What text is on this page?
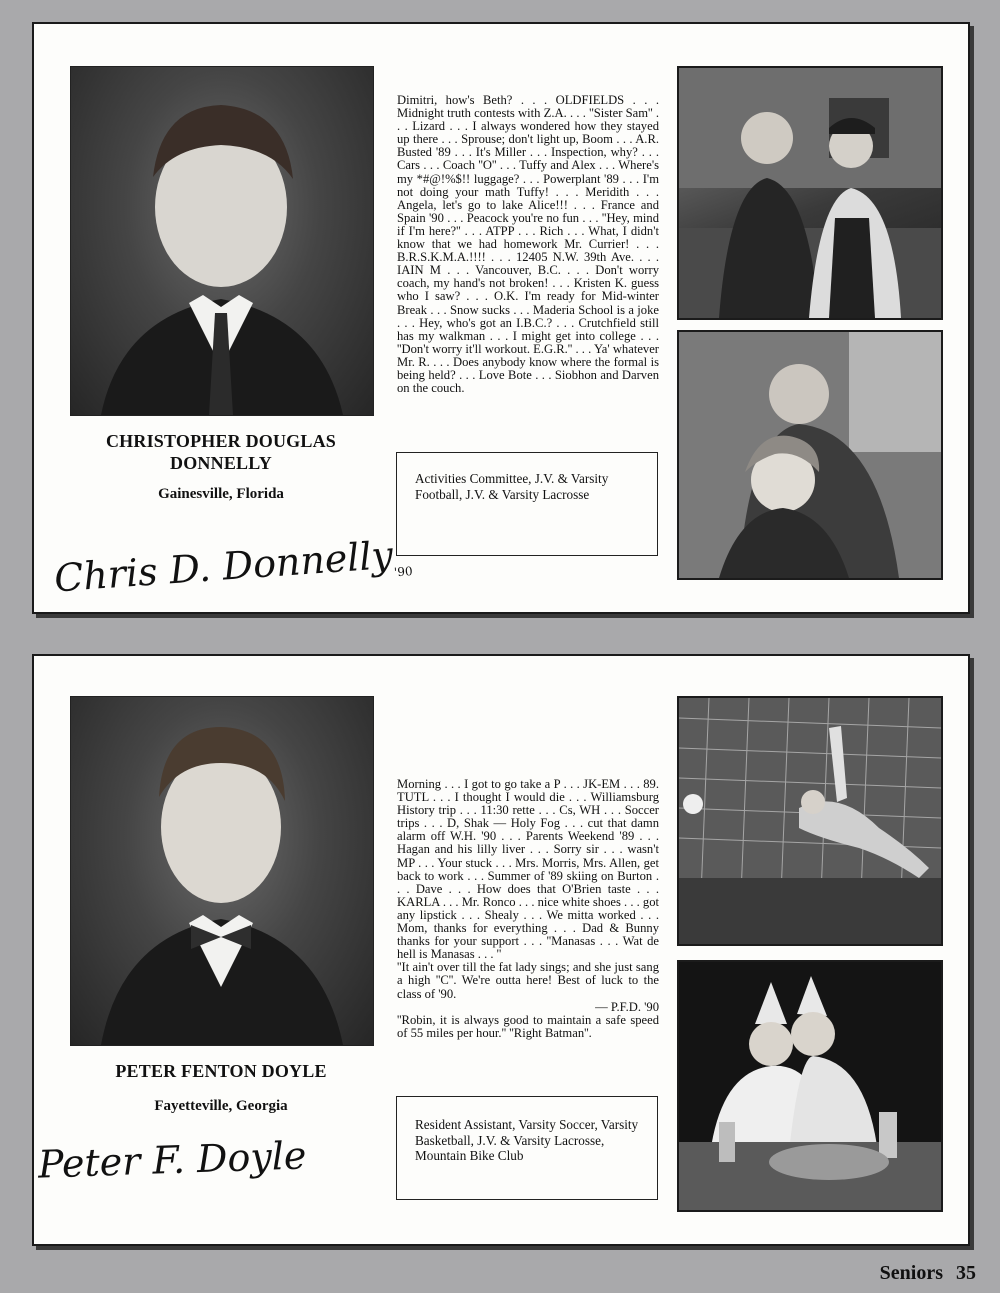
CHRISTOPHER DOUGLAS
DONNELLY
Gainesville, Florida
Chris D. Donnelly$_{'90}$

Dimitri, how's Beth? . . . OLDFIELDS . . . Midnight truth contests with Z.A. . . . ''Sister Sam'' . . . Lizard . . . I always wondered how they stayed up there . . . Sprouse; don't light up, Boom . . . A.R. Busted '89 . . . It's Miller . . . Inspection, why? . . . Cars . . . Coach ''O'' . . . Tuffy and Alex . . . Where's my *#@!%$!! luggage? . . . Powerplant '89 . . . I'm not doing your math Tuffy! . . . Meridith . . . Angela, let's go to lake Alice!!! . . . France and Spain '90 . . . Peacock you're no fun . . . ''Hey, mind if I'm here?'' . . . ATPP . . . Rich . . . What, I didn't know that we had homework Mr. Currier! . . . B.R.S.K.M.A.!!!! . . . 12405 N.W. 39th Ave. . . . IAIN M . . . Vancouver, B.C. . . . Don't worry coach, my hand's not broken! . . . Kristen K. guess who I saw? . . . O.K. I'm ready for Mid-winter Break . . . Snow sucks . . . Maderia School is a joke . . . Hey, who's got an I.B.C.? . . . Crutchfield still has my walkman . . . I might get into college . . . ''Don't worry it'll workout. E.G.R.'' . . . Ya' whatever Mr. R. . . . Does anybody know where the formal is being held? . . . Love Bote . . . Siobhon and Darven on the couch.

Activities Committee, J.V. & Varsity Football, J.V. & Varsity Lacrosse
PETER FENTON DOYLE
Fayetteville, Georgia
Peter F. Doyle

Morning . . . I got to go take a P . . . JK-EM . . . 89. TUTL . . . I thought I would die . . . Williamsburg History trip . . . 11:30 rette . . . Cs, WH . . . Soccer trips . . . D, Shak — Holy Fog . . . cut that damn alarm off W.H. '90 . . . Parents Weekend '89 . . . Hagan and his lilly liver . . . Sorry sir . . . wasn't MP . . . Your stuck . . . Mrs. Morris, Mrs. Allen, get back to work . . . Summer of '89 skiing on Burton . . . Dave . . . How does that O'Brien taste . . . KARLA . . . Mr. Ronco . . . nice white shoes . . . got any lipstick . . . Shealy . . . We mitta worked . . . Mom, thanks for everything . . . Dad & Bunny thanks for your support . . . ''Manasas . . . Wat de hell is Manasas . . . ''

''It ain't over till the fat lady sings; and she just sang a high ''C''. We're outta here! Best of luck to the class of '90.

— P.F.D. '90

''Robin, it is always good to maintain a safe speed of 55 miles per hour.'' ''Right Batman''.

Resident Assistant, Varsity Soccer, Varsity Basketball, J.V. & Varsity Lacrosse, Mountain Bike Club
Seniors 35
